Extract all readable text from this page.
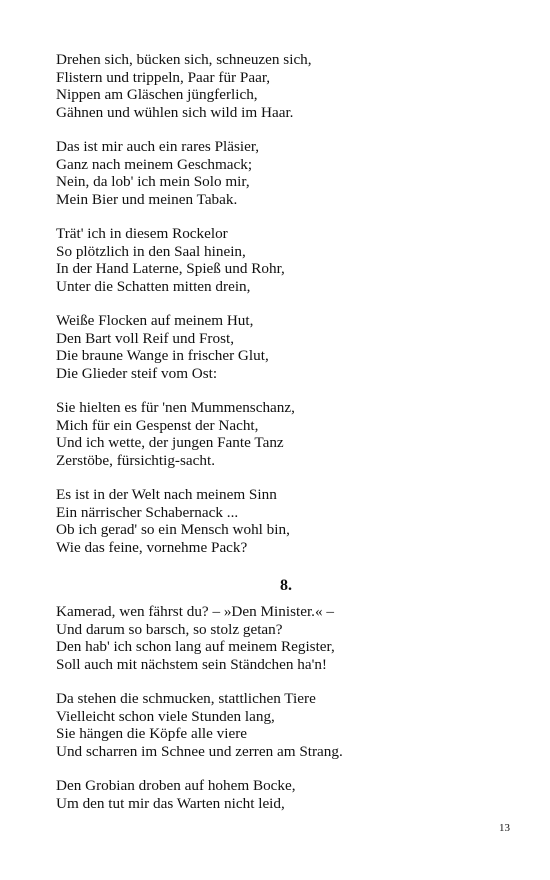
Drehen sich, bücken sich, schneuzen sich,
Flistern und trippeln, Paar für Paar,
Nippen am Gläschen jüngferlich,
Gähnen und wühlen sich wild im Haar.
Das ist mir auch ein rares Pläsier,
Ganz nach meinem Geschmack;
Nein, da lob' ich mein Solo mir,
Mein Bier und meinen Tabak.
Trät' ich in diesem Rockelor
So plötzlich in den Saal hinein,
In der Hand Laterne, Spieß und Rohr,
Unter die Schatten mitten drein,
Weiße Flocken auf meinem Hut,
Den Bart voll Reif und Frost,
Die braune Wange in frischer Glut,
Die Glieder steif vom Ost:
Sie hielten es für 'nen Mummenschanz,
Mich für ein Gespenst der Nacht,
Und ich wette, der jungen Fante Tanz
Zerstöbe, fürsichtig-sacht.
Es ist in der Welt nach meinem Sinn
Ein närrischer Schabernack ...
Ob ich gerad' so ein Mensch wohl bin,
Wie das feine, vornehme Pack?
8.
Kamerad, wen fährst du? – »Den Minister.« –
Und darum so barsch, so stolz getan?
Den hab' ich schon lang auf meinem Register,
Soll auch mit nächstem sein Ständchen ha'n!
Da stehen die schmucken, stattlichen Tiere
Vielleicht schon viele Stunden lang,
Sie hängen die Köpfe alle viere
Und scharren im Schnee und zerren am Strang.
Den Grobian droben auf hohem Bocke,
Um den tut mir das Warten nicht leid,
13
